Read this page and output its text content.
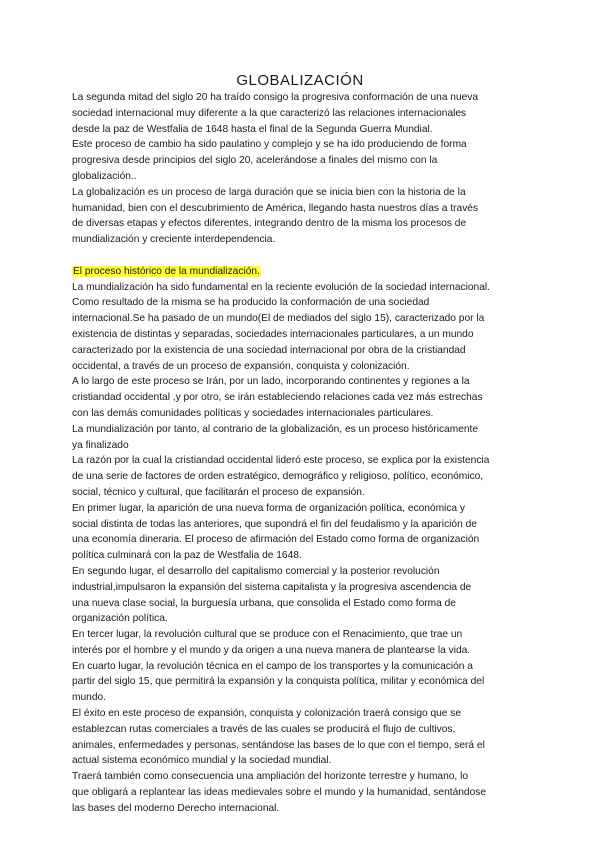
GLOBALIZACIÓN
La segunda mitad del siglo 20 ha traído consigo la progresiva conformación de una nueva
sociedad internacional muy diferente a la que caracterizó las relaciones internacionales
desde la paz de Westfalia de 1648 hasta el final de la Segunda Guerra Mundial.
Este proceso de cambio ha sido paulatino y complejo y se ha ido produciendo de forma
progresiva desde principios del siglo 20, acelerándose a finales del mismo con la
globalización..
La globalización es un proceso de larga duración que se inicia bien con la historia de la
humanidad, bien con el descubrimiento de América, llegando hasta nuestros días a través
de diversas etapas y efectos diferentes, integrando dentro de la misma los procesos de
mundialización y creciente interdependencia.
El proceso histórico de la mundialización.
La mundialización ha sido fundamental en la reciente evolución de la sociedad internacional.
Como resultado de la misma se ha producido la conformación de una sociedad
internacional.Se ha pasado de un mundo(El de mediados del siglo 15), caracterizado por la
existencia de distintas y separadas, sociedades internacionales particulares, a un mundo
caracterizado por la existencia de una sociedad internacional por obra de la cristiandad
occidental, a través de un proceso de expansión, conquista y colonización.
A lo largo de este proceso se Irán, por un lado, incorporando continentes y regiones a la
cristiandad occidental ,y por otro, se irán estableciendo relaciones cada vez más estrechas
con las demás comunidades políticas y sociedades internacionales particulares.
La mundialización por tanto, al contrario de la globalización, es un proceso históricamente
ya finalizado
La razón por la cual la cristiandad occidental lideró este proceso, se explica por la existencia
de una serie de factores de orden estratégico, demográfico y religioso, político, económico,
social, técnico y cultural, que facilitarán el proceso de expansión.
En primer lugar, la aparición de una nueva forma de organización política, económica y
social distinta de todas las anteriores, que supondrá el fin del feudalismo y la aparición de
una economía dineraria. El proceso de afirmación del Estado como forma de organización
política culminará con la paz de Westfalia de 1648.
En segundo lugar, el desarrollo del capitalismo comercial y la posterior revolución
industrial,impulsaron la expansión del sistema capitalista y la progresiva ascendencia de
una nueva clase social, la burguesía urbana, que consolida el Estado como forma de
organización política.
En tercer lugar, la revolución cultural que se produce con el Renacimiento, que trae un
interés por el hombre y el mundo y da origen a una nueva manera de plantearse la vida.
En cuarto lugar, la revolución técnica en el campo de los transportes y la comunicación a
partir del siglo 15, que permitirá la expansión y la conquista política, militar y económica del
mundo.
El éxito en este proceso de expansión, conquista y colonización traerá consigo que se
establezcan rutas comerciales a través de las cuales se producirá el flujo de cultivos,
animales, enfermedades y personas, sentándose las bases de lo que con el tiempo, será el
actual sistema económico mundial y la sociedad mundial.
Traerá también como consecuencia una ampliación del horizonte terrestre y humano, lo
que obligará a replantear las ideas medievales sobre el mundo y la humanidad, sentándose
las bases del moderno Derecho internacional.
